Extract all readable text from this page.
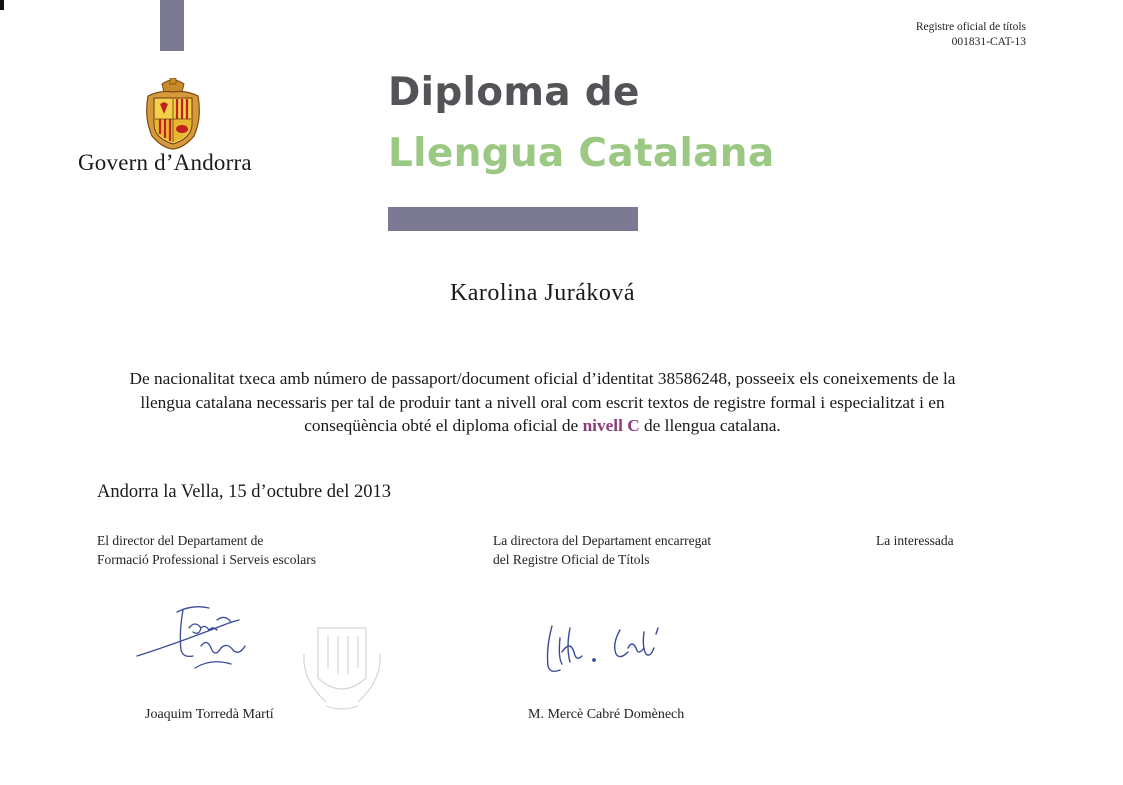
Registre oficial de títols
001831-CAT-13
Govern d’Andorra
Diploma de
Llengua Catalana
Karolina Juráková
De nacionalitat txeca amb número de passaport/document oficial d’identitat 38586248, posseeix els coneixements de la llengua catalana necessaris per tal de produir tant a nivell oral com escrit textos de registre formal i especialitzat i en conseqüència obté el diploma oficial de nivell C de llengua catalana.
Andorra la Vella, 15 d’octubre del 2013
El director del Departament de
Formació Professional i Serveis escolars
La directora del Departament encarregat
del Registre Oficial de Títols
La interessada
Joaquim Torredà Martí	M. Mercè Cabré Domènech
